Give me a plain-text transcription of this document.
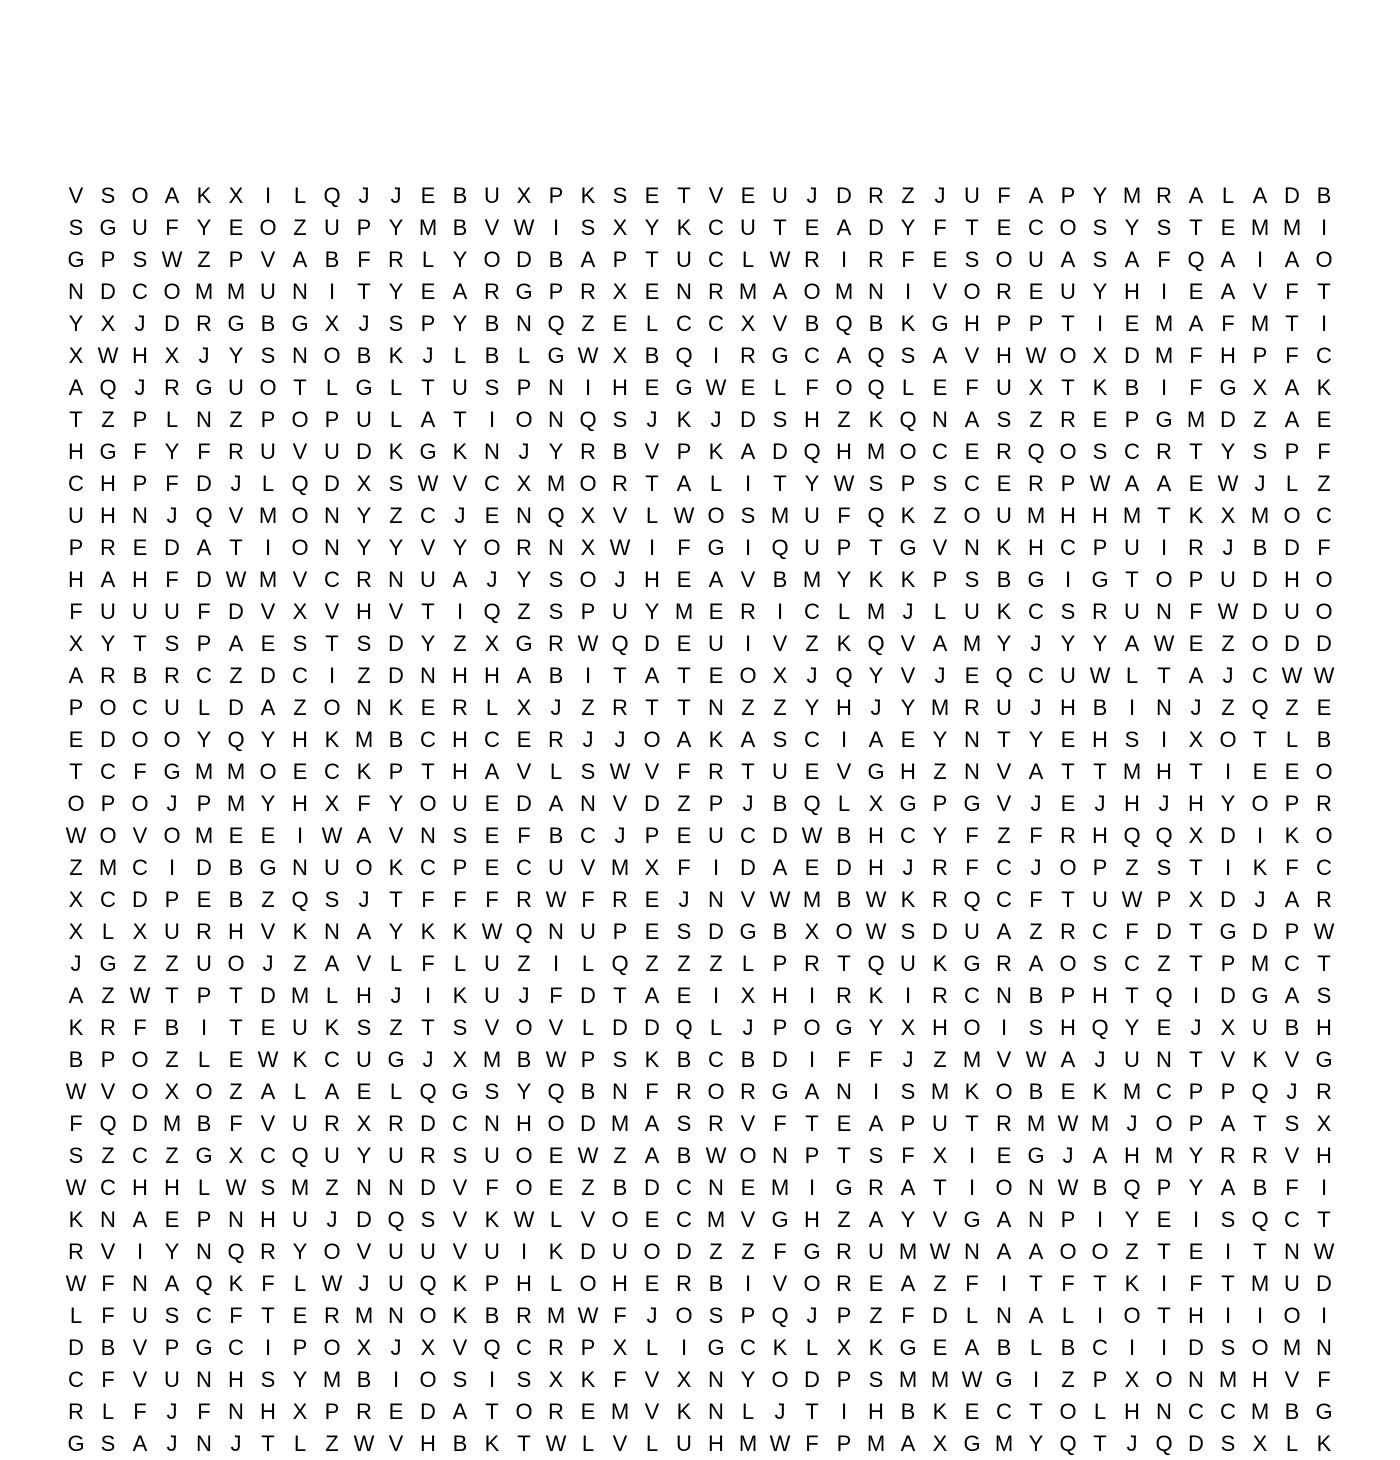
V S O A K X I L Q J J E B U X P K S E T V E U J D R Z J U F A P Y M R A L A D B
S G U F Y E O Z U P Y M B V W I S X Y K C U T E A D Y F T E C O S Y S T E M M I
G P S W Z P V A B F R L Y O D B A P T U C L W R I R F E S O U A S A F Q A I A O
N D C O M M U N I T Y E A R G P R X E N R M A O M N I V O R E U Y H I E A V F T
Y X J D R G B G X J S P Y B N Q Z E L C C X V B Q B K G H P P T I E M A F M T I
X W H X J Y S N O B K J L B L G W X B Q I R G C A Q S A V H W O X D M F H P F C
A Q J R G U O T L G L T U S P N I H E G W E L F O Q L E F U X T K B I F G X A K
T Z P L N Z P O P U L A T I O N Q S J K J D S H Z K Q N A S Z R E P G M D Z A E
H G F Y F R U V U D K G K N J Y R B V P K A D Q H M O C E R Q O S C R T Y S P F
C H P F D J L Q D X S W V C X M O R T A L I T Y W S P S C E R P W A A E W J L Z
U H N J Q V M O N Y Z C J E N Q X V L W O S M U F Q K Z O U M H H M T K X M O C
P R E D A T I O N Y Y V Y O R N X W I F G I Q U P T G V N K H C P U I R J B D F
H A H F D W M V C R N U A J Y S O J H E A V B M Y K K P S B G I G T O P U D H O
F U U U F D V X V H V T I Q Z S P U Y M E R I C L M J L U K C S R U N F W D U O
X Y T S P A E S T S D Y Z X G R W Q D E U I V Z K Q V A M Y J Y Y A W E Z O D D
A R B R C Z D C I Z D N H H A B I T A T E O X J Q Y V J E Q C U W L T A J C W W
P O C U L D A Z O N K E R L X J Z R T T N Z Z Y H J Y M R U J H B I N J Z Q Z E
E D O O Y Q Y H K M B C H C E R J J O A K A S C I A E Y N T Y E H S I X O T L B
T C F G M M O E C K P T H A V L S W V F R T U E V G H Z N V A T T M H T I E E O
O P O J P M Y H X F Y O U E D A N V D Z P J B Q L X G P G V J E J H J H Y O P R
W O V O M E E I W A V N S E F B C J P E U C D W B H C Y F Z F R H Q Q X D I K O
Z M C I D B G N U O K C P E C U V M X F I D A E D H J R F C J O P Z S T I K F C
X C D P E B Z Q S J T F F F R W F R E J N V W M B W K R Q C F T U W P X D J A R
X L X U R H V K N A Y K K W Q N U P E S D G B X O W S D U A Z R C F D T G D P W
J G Z Z U O J Z A V L F L U Z I L Q Z Z Z L P R T Q U K G R A O S C Z T P M C T
A Z W T P T D M L H J I K U J F D T A E I X H I R K I R C N B P H T Q I D G A S
K R F B I T E U K S Z T S V O V L D D Q L J P O G Y X H O I S H Q Y E J X U B H
B P O Z L E W K C U G J X M B W P S K B C B D I F F J Z M V W A J U N T V K V G
W V O X O Z A L A E L Q G S Y Q B N F R O R G A N I S M K O B E K M C P P Q J R
F Q D M B F V U R X R D C N H O D M A S R V F T E A P U T R M W M J O P A T S X
S Z C Z G X C Q U Y U R S U O E W Z A B W O N P T S F X I E G J A H M Y R R V H
W C H H L W S M Z N N D V F O E Z B D C N E M I G R A T I O N W B Q P Y A B F I
K N A E P N H U J D Q S V K W L V O E C M V G H Z A Y V G A N P I Y E I S Q C T
R V I Y N Q R Y O V U U V U I K D U O D Z Z F G R U M W N A A O O Z T E I T N W
W F N A Q K F L W J U Q K P H L O H E R B I V O R E A Z F I T F T K I F T M U D
L F U S C F T E R M N O K B R M W F J O S P Q J P Z F D L N A L I O T H I I O I
D B V P G C I P O X J X V Q C R P X L I G C K L X K G E A B L B C I I D S O M N
C F V U N H S Y M B I O S I S X K F V X N Y O D P S M M W G I Z P X O N M H V F
R L F J F N H X P R E D A T O R E M V K N L J T I H B K E C T O L H N C C M B G
G S A J N J T L Z W V H B K T W L V L U H M W F P M A X G M Y Q T J Q D S X L K
